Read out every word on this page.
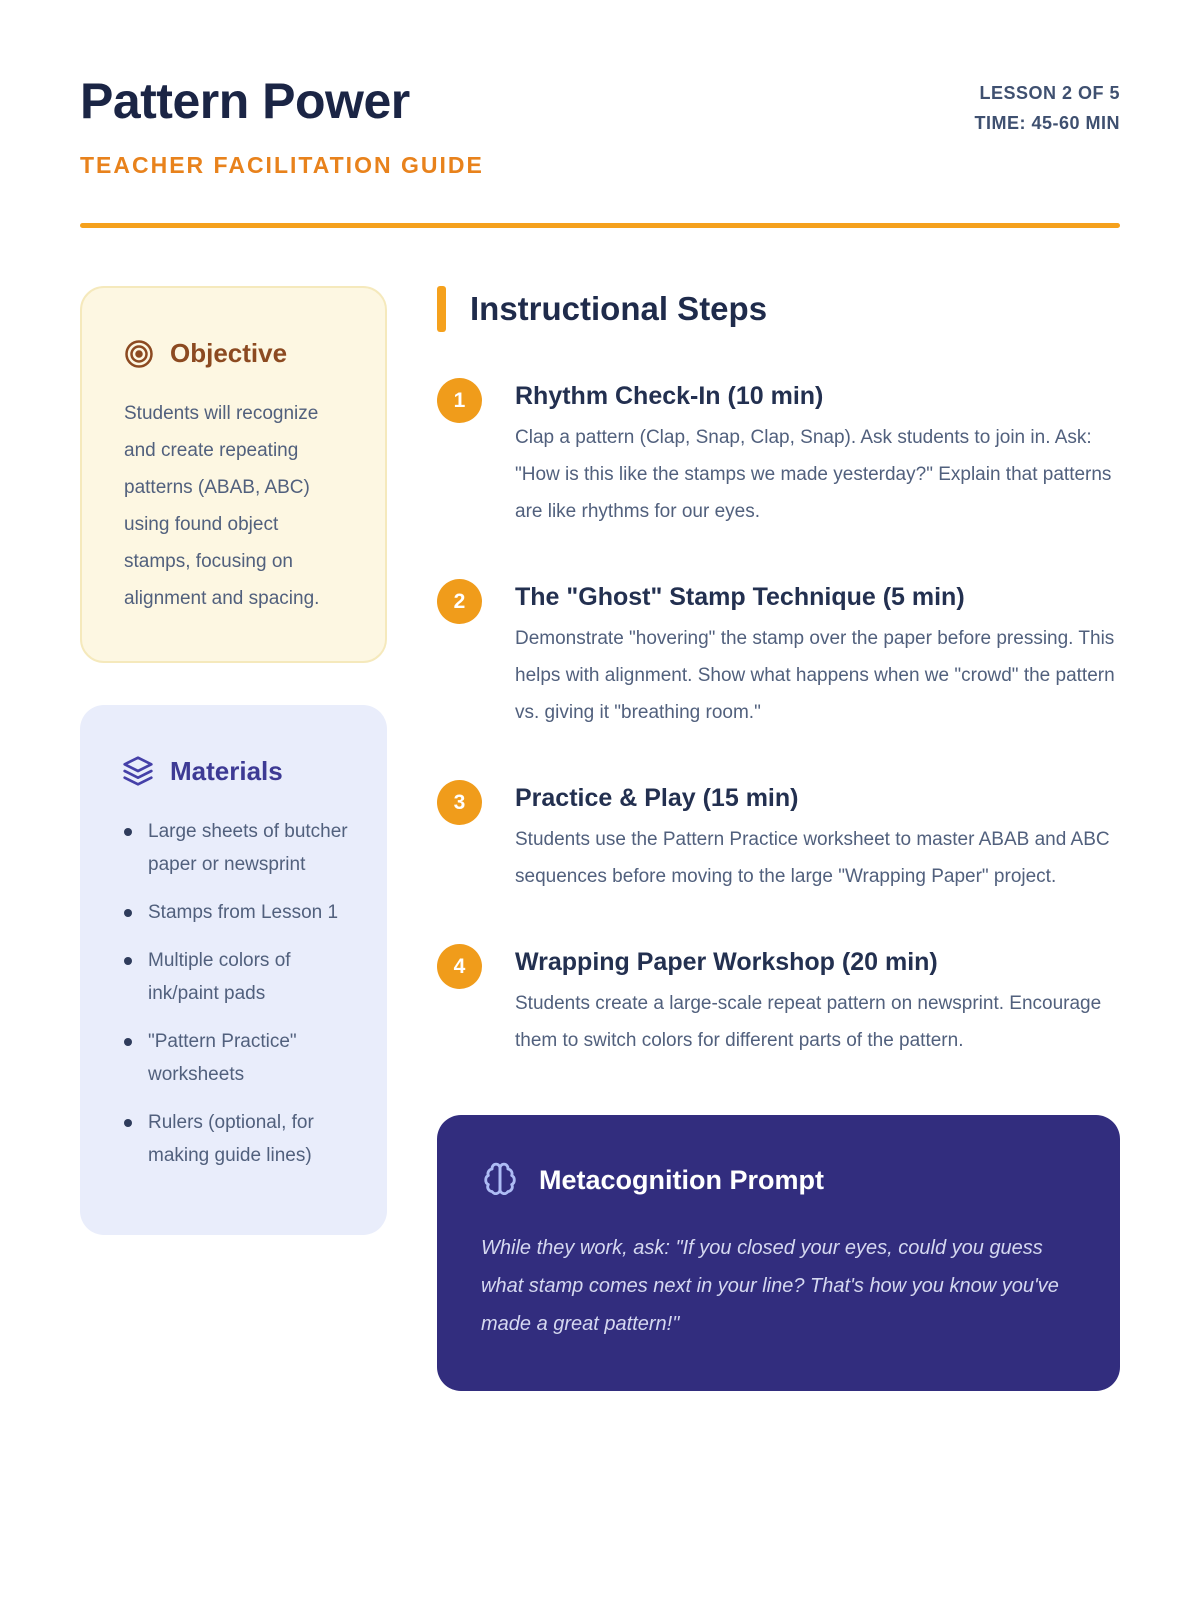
Pattern Power
TEACHER FACILITATION GUIDE
LESSON 2 OF 5
TIME: 45-60 MIN
Objective
Students will recognize and create repeating patterns (ABAB, ABC) using found object stamps, focusing on alignment and spacing.
Materials
Large sheets of butcher paper or newsprint
Stamps from Lesson 1
Multiple colors of ink/paint pads
"Pattern Practice" worksheets
Rulers (optional, for making guide lines)
Instructional Steps
1	Rhythm Check-In (10 min)
Clap a pattern (Clap, Snap, Clap, Snap). Ask students to join in. Ask: "How is this like the stamps we made yesterday?" Explain that patterns are like rhythms for our eyes.
2	The "Ghost" Stamp Technique (5 min)
Demonstrate "hovering" the stamp over the paper before pressing. This helps with alignment. Show what happens when we "crowd" the pattern vs. giving it "breathing room."
3	Practice & Play (15 min)
Students use the Pattern Practice worksheet to master ABAB and ABC sequences before moving to the large "Wrapping Paper" project.
4	Wrapping Paper Workshop (20 min)
Students create a large-scale repeat pattern on newsprint. Encourage them to switch colors for different parts of the pattern.
Metacognition Prompt
While they work, ask: "If you closed your eyes, could you guess what stamp comes next in your line? That's how you know you've made a great pattern!"
